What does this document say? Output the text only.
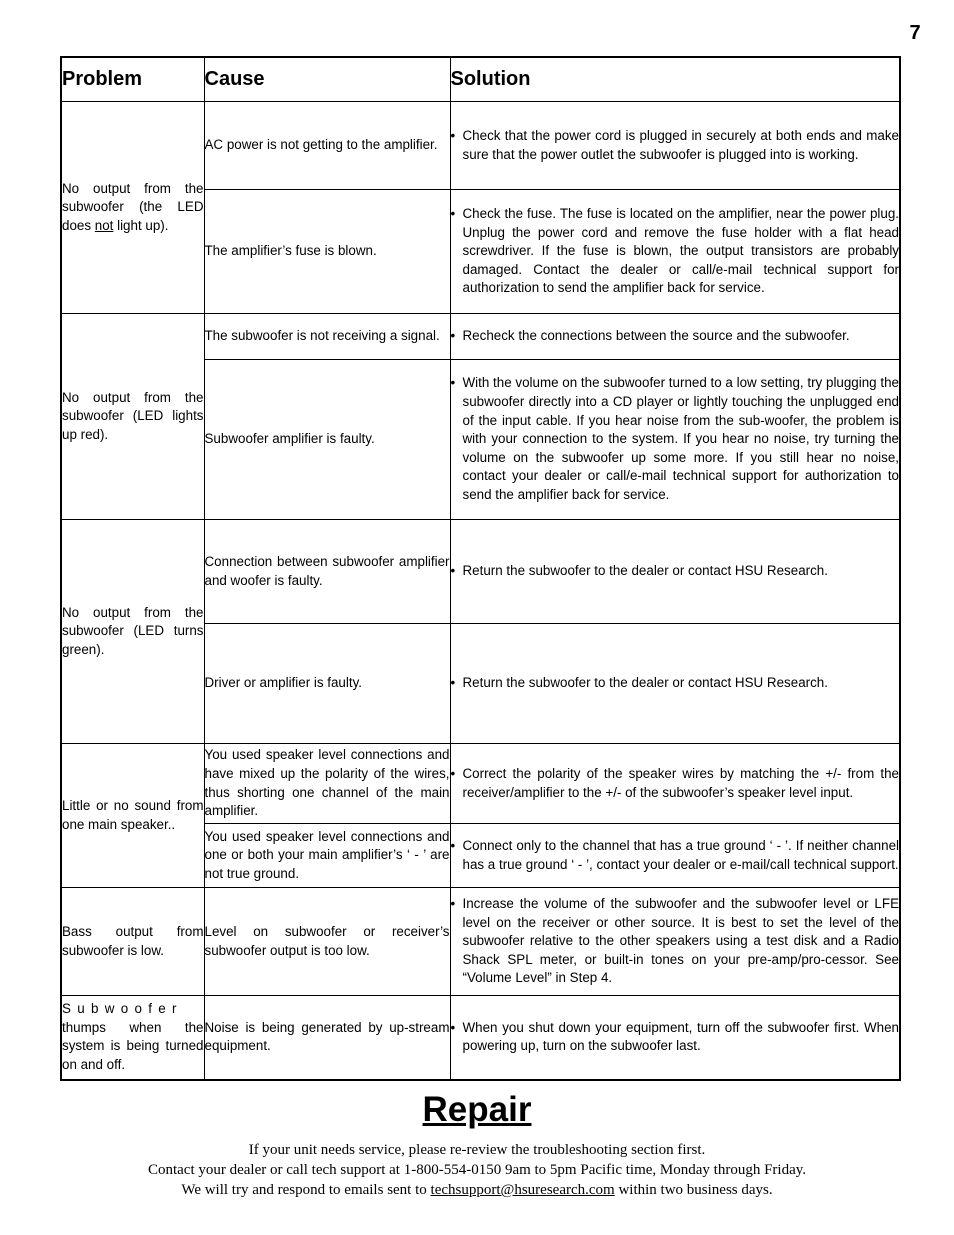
7
Problem	Cause	Solution
No output from the subwoofer (the LED does not light up).	AC power is not getting to the amplifier.	• Check that the power cord is plugged in securely at both ends and make sure that the power outlet the subwoofer is plugged into is working.

	The amplifier’s fuse is blown.	• Check the fuse. The fuse is located on the amplifier, near the power plug. Unplug the power cord and remove the fuse holder with a flat head screwdriver. If the fuse is blown, the output transistors are probably damaged. Contact the dealer or call/e-mail technical support for authorization to send the amplifier back for service.

No output from the subwoofer (LED lights up red).	The subwoofer is not receiving a signal.	• Recheck the connections between the source and the subwoofer.

	Subwoofer amplifier is faulty.	• With the volume on the subwoofer turned to a low setting, try plugging the subwoofer directly into a CD player or lightly touching the unplugged end of the input cable. If you hear noise from the sub-woofer, the problem is with your connection to the system. If you hear no noise, try turning the volume on the subwoofer up some more. If you still hear no noise, contact your dealer or call/e-mail technical support for authorization to send the amplifier back for service.

No output from the subwoofer (LED turns green).	Connection between subwoofer amplifier and woofer is faulty.	• Return the subwoofer to the dealer or contact HSU Research.

	Driver or amplifier is faulty.	• Return the subwoofer to the dealer or contact HSU Research.

Little or no sound from one main speaker..	You used speaker level connections and have mixed up the polarity of the wires, thus shorting one channel of the main amplifier.	• Correct the polarity of the speaker wires by matching the +/- from the receiver/amplifier to the +/- of the subwoofer’s speaker level input.

	You used speaker level connections and one or both your main amplifier’s ‘ - ’ are not true ground.	• Connect only to the channel that has a true ground ‘ - ’. If neither channel has a true ground ‘ - ’, contact your dealer or e-mail/call technical support.

Bass output from subwoofer is low.	Level on subwoofer or receiver’s subwoofer output is too low.	• Increase the volume of the subwoofer and the subwoofer level or LFE level on the receiver or other source. It is best to set the level of the subwoofer relative to the other speakers using a test disk and a Radio Shack SPL meter, or built-in tones on your pre-amp/pro-cessor. See “Volume Level” in Step 4.

Subwoofer thumps when the system is being turned on and off.	Noise is being generated by up-stream equipment.	• When you shut down your equipment, turn off the subwoofer first. When powering up, turn on the subwoofer last.
Repair
If your unit needs service, please re-review the troubleshooting section first.
Contact your dealer or call tech support at 1-800-554-0150 9am to 5pm Pacific time, Monday through Friday.
We will try and respond to emails sent to techsupport@hsuresearch.com within two business days.
